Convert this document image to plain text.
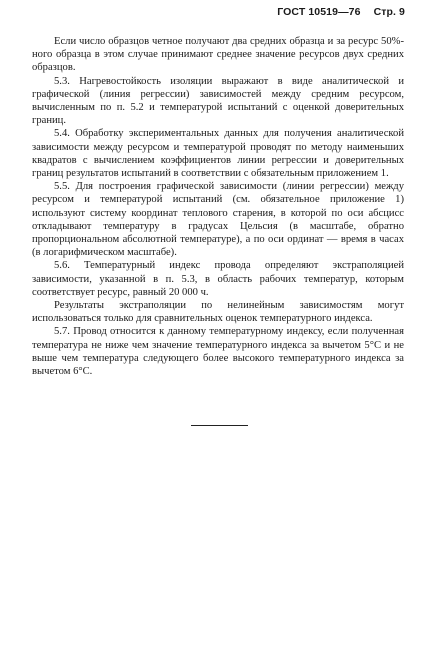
ГОСТ 10519—76 Стр. 9

Если число образцов четное получают два средних образца и за ресурс 50%-ного образца в этом случае принимают среднее значение ресурсов двух средних образцов.

5.3. Нагревостойкость изоляции выражают в виде аналитической и графической (линия регрессии) зависимостей между средним ресурсом, вычисленным по п. 5.2 и температурой испытаний с оценкой доверительных границ.

5.4. Обработку экспериментальных данных для получения аналитической зависимости между ресурсом и температурой проводят по методу наименьших квадратов с вычислением коэффициентов линии регрессии и доверительных границ результатов испытаний в соответствии с обязательным приложением 1.

5.5. Для построения графической зависимости (линии регрессии) между ресурсом и температурой испытаний (см. обязательное приложение 1) используют систему координат теплового старения, в которой по оси абсцисс откладывают температуру в градусах Цельсия (в масштабе, обратно пропорциональном абсолютной температуре), а по оси ординат — время в часах (в логарифмическом масштабе).

5.6. Температурный индекс провода определяют экстраполяцией зависимости, указанной в п. 5.3, в область рабочих температур, которым соответствует ресурс, равный 20 000 ч.

Результаты экстраполяции по нелинейным зависимостям могут использоваться только для сравнительных оценок температурного индекса.

5.7. Провод относится к данному температурному индексу, если полученная температура не ниже чем значение температурного индекса за вычетом 5°С и не выше чем температура следующего более высокого температурного индекса за вычетом 6°С.
